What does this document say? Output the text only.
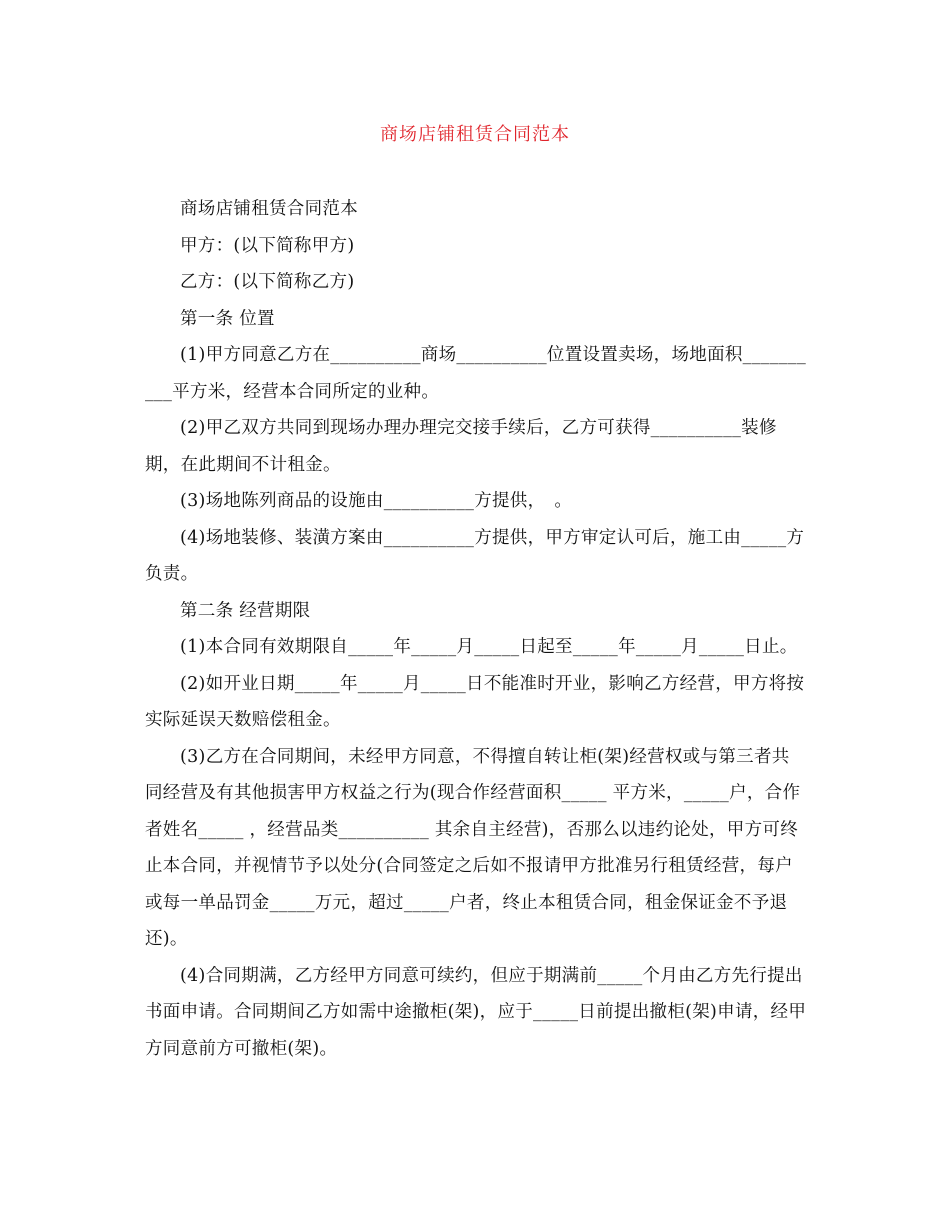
商场店铺租赁合同范本

商场店铺租赁合同范本

甲方：(以下简称甲方)

乙方：(以下简称乙方)

第一条 位置

(1)甲方同意乙方在__________商场__________位置设置卖场，场地面积__________平方米，经营本合同所定的业种。

(2)甲乙双方共同到现场办理办理完交接手续后，乙方可获得__________装修期，在此期间不计租金。

(3)场地陈列商品的设施由__________方提供，　。

(4)场地装修、装潢方案由__________方提供，甲方审定认可后，施工由_____方负责。

第二条 经营期限

(1)本合同有效期限自_____年_____月_____日起至_____年_____月_____日止。

(2)如开业日期_____年_____月_____日不能准时开业，影响乙方经营，甲方将按实际延误天数赔偿租金。

(3)乙方在合同期间，未经甲方同意，不得擅自转让柜(架)经营权或与第三者共同经营及有其他损害甲方权益之行为(现合作经营面积_____ 平方米，_____户，合作者姓名_____ ，经营品类__________ 其余自主经营)，否那么以违约论处，甲方可终止本合同，并视情节予以处分(合同签定之后如不报请甲方批准另行租赁经营，每户或每一单品罚金_____万元，超过_____户者，终止本租赁合同，租金保证金不予退还)。

(4)合同期满，乙方经甲方同意可续约，但应于期满前_____个月由乙方先行提出书面申请。合同期间乙方如需中途撤柜(架)，应于_____日前提出撤柜(架)申请，经甲方同意前方可撤柜(架)。
